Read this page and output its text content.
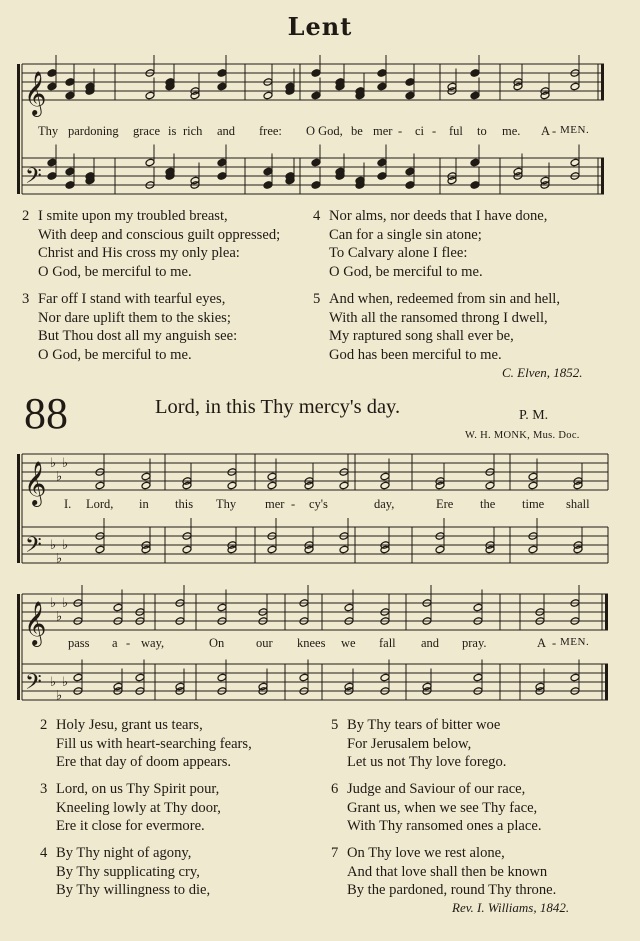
Lent
𝄞
𝄢
𝄞
𝄢
♭
♭
♭
♭
♭
♭
𝄞
𝄢
♭
♭
♭
♭
♭
♭
Thy pardoning grace is rich and free: O God, be mer - ci - ful to me. A - MEN.
2 I smite upon my troubled breast,
With deep and conscious guilt oppressed;
Christ and His cross my only plea:
O God, be merciful to me.
3 Far off I stand with tearful eyes,
Nor dare uplift them to the skies;
But Thou dost all my anguish see:
O God, be merciful to me.
4 Nor alms, nor deeds that I have done,
Can for a single sin atone;
To Calvary alone I flee:
O God, be merciful to me.
5 And when, redeemed from sin and hell,
With all the ransomed throng I dwell,
My raptured song shall ever be,
God has been merciful to me.
C. Elven, 1852.
88	Lord, in this Thy mercy's day.	P. M.
W. H. MONK, Mus. Doc.
I. Lord, in this Thy mer - cy's	day,	Ere the time shall
pass a - way,	On	our knees we fall and pray.	A - MEN.
2 Holy Jesu, grant us tears,
Fill us with heart-searching fears,
Ere that day of doom appears.
3 Lord, on us Thy Spirit pour,
Kneeling lowly at Thy door,
Ere it close for evermore.
4 By Thy night of agony,
By Thy supplicating cry,
By Thy willingness to die,
5 By Thy tears of bitter woe
For Jerusalem below,
Let us not Thy love forego.
6 Judge and Saviour of our race,
Grant us, when we see Thy face,
With Thy ransomed ones a place.
7 On Thy love we rest alone,
And that love shall then be known
By the pardoned, round Thy throne.
Rev. I. Williams, 1842.
